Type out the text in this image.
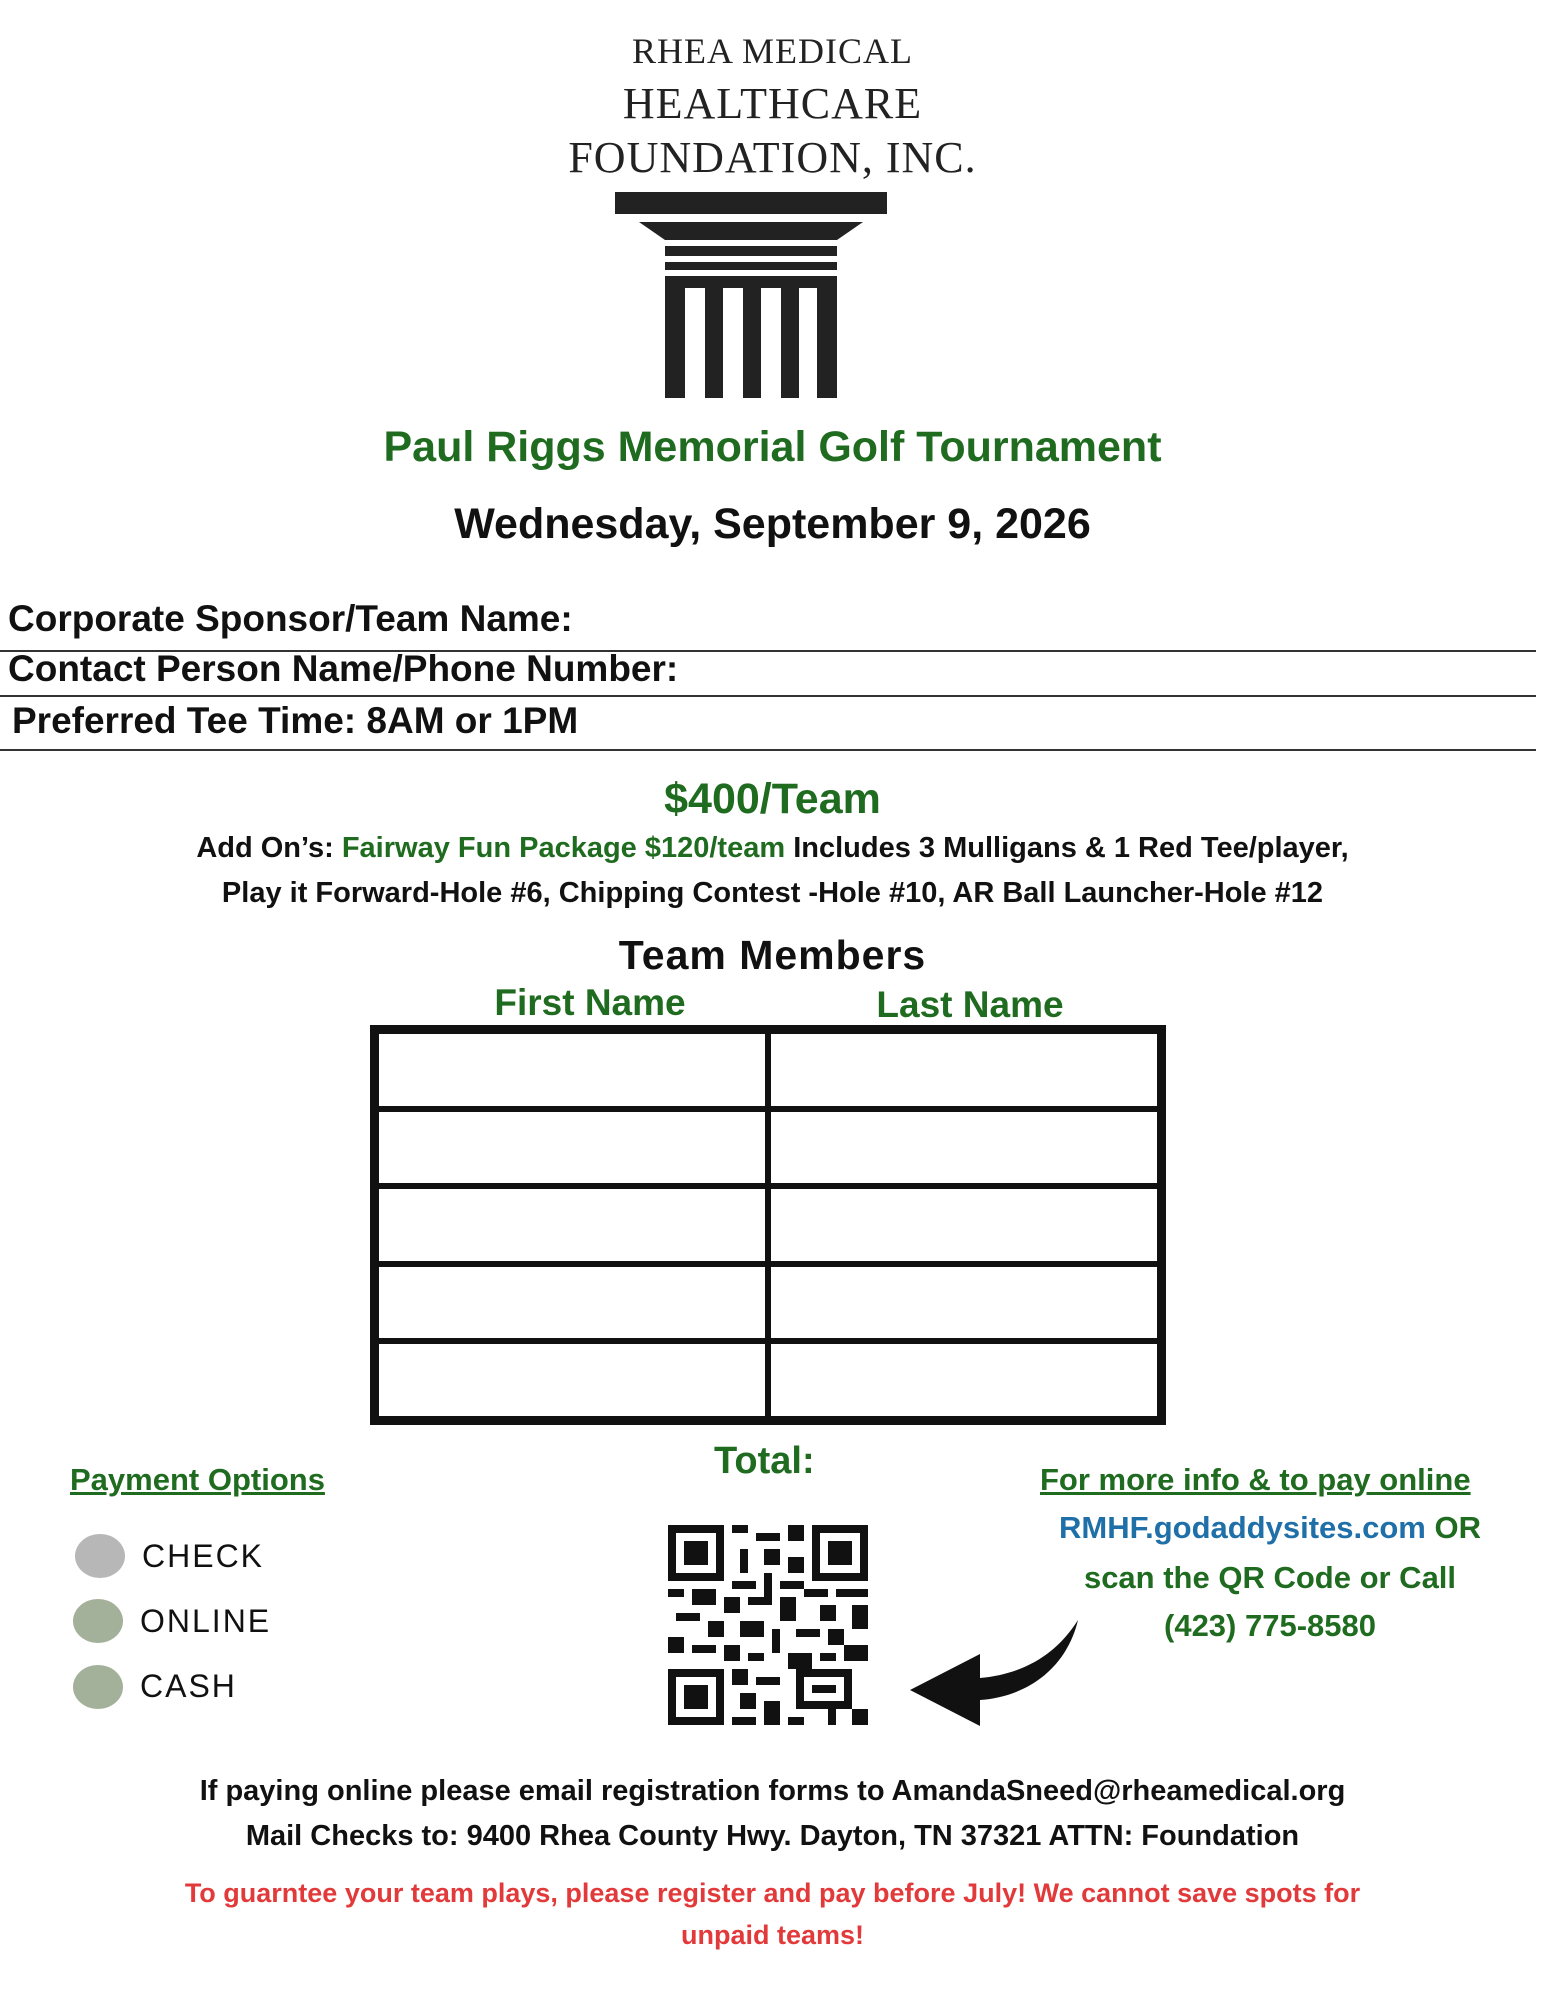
RHEA MEDICAL
HEALTHCARE
FOUNDATION, INC.
Paul Riggs Memorial Golf Tournament
Wednesday, September 9, 2026
Corporate Sponsor/Team Name:
Contact Person Name/Phone Number:
Preferred Tee Time: 8AM or 1PM
$400/Team
Add On’s: Fairway Fun Package $120/team Includes 3 Mulligans & 1 Red Tee/player,
Play it Forward-Hole #6, Chipping Contest -Hole #10, AR Ball Launcher-Hole #12
Team Members
First Name	Last Name
Total:
Payment Options
CHECK
ONLINE
CASH
For more info & to pay online
RMHF.godaddysites.com OR
scan the QR Code or Call
(423) 775-8580
If paying online please email registration forms to AmandaSneed@rheamedical.org
Mail Checks to: 9400 Rhea County Hwy. Dayton, TN 37321 ATTN: Foundation
To guarntee your team plays, please register and pay before July! We cannot save spots for
unpaid teams!
